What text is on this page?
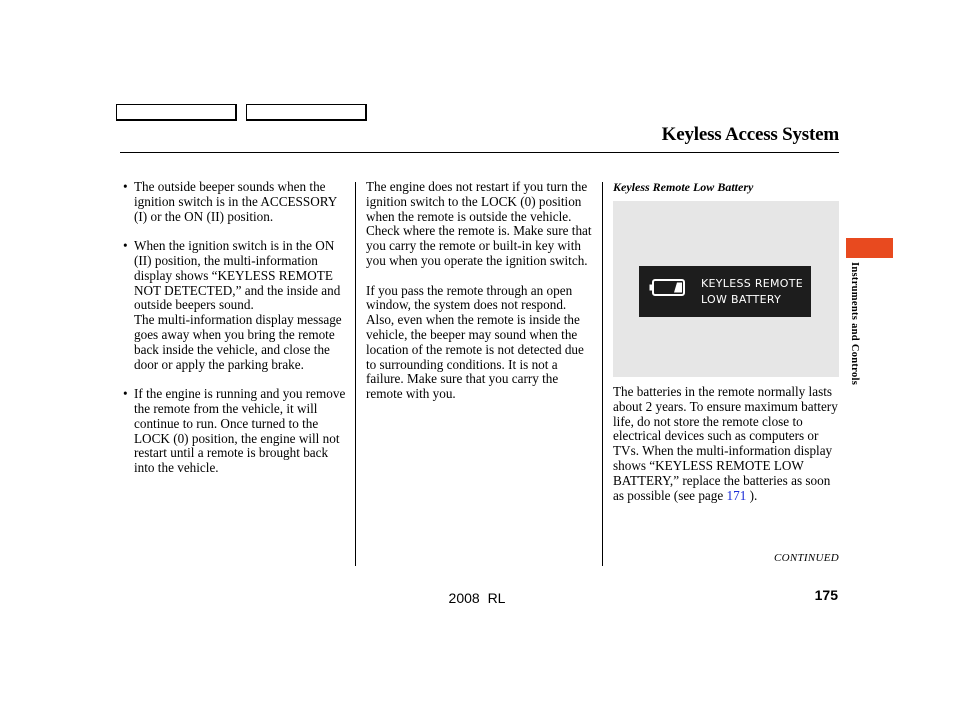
Keyless Access System

• The outside beeper sounds when the ignition switch is in the ACCESSORY (I) or the ON (II) position.

• When the ignition switch is in the ON (II) position, the multi-information display shows “KEYLESS REMOTE NOT DETECTED,” and the inside and outside beepers sound.
The multi-information display message goes away when you bring the remote back inside the vehicle, and close the door or apply the parking brake.

• If the engine is running and you remove the remote from the vehicle, it will continue to run. Once turned to the LOCK (0) position, the engine will not restart until a remote is brought back into the vehicle.

The engine does not restart if you turn the ignition switch to the LOCK (0) position when the remote is outside the vehicle. Check where the remote is. Make sure that you carry the remote or built-in key with you when you operate the ignition switch.

If you pass the remote through an open window, the system does not respond. Also, even when the remote is inside the vehicle, the beeper may sound when the location of the remote is not detected due to surrounding conditions. It is not a failure. Make sure that you carry the remote with you.

Keyless Remote Low Battery

KEYLESS REMOTE
LOW BATTERY

The batteries in the remote normally lasts about 2 years. To ensure maximum battery life, do not store the remote close to electrical devices such as computers or TVs. When the multi-information display shows “KEYLESS REMOTE LOW BATTERY,” replace the batteries as soon as possible (see page 171 ).

CONTINUED

2008 RL	175
Instruments and Controls
